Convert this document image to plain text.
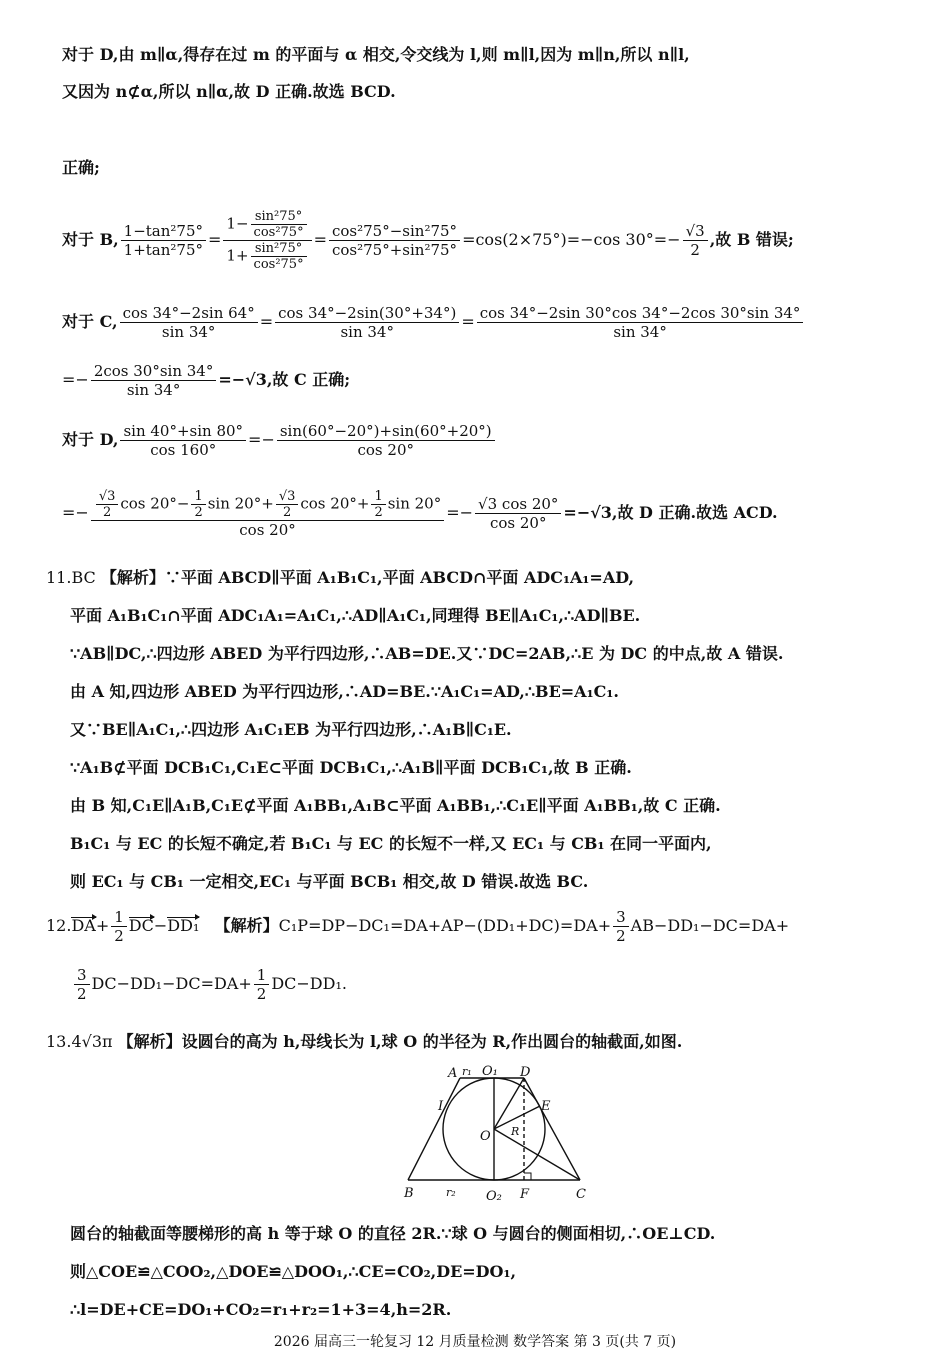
对于 D,由 m∥α,得存在过 m 的平面与 α 相交,令交线为 l,则 m∥l,因为 m∥n,所以 n∥l,
又因为 n⊄α,所以 n∥α,故 D 正确.故选 BCD.
正确;
对于 B, $\frac{\text{1−tan²75°}}{\text{1+tan²75°}} = \frac{1- \frac{\text{sin²75°}}{\text{cos²75°}}}{1+ \frac{\text{sin²75°}}{\text{cos²75°}}} = \frac{\text{cos²75°−sin²75°}}{\text{cos²75°+sin²75°}} =\cos(2\times 75^\circ)=-\cos$ $30^\circ=- \frac{√3}{2}$ ,故 B 错误;
对于 C, $\frac{\cos 34^\circ-2\sin 64^\circ}{\sin 34^\circ} = \frac{\cos 34^\circ-2\sin(30^\circ+34^\circ)}{\sin 34^\circ} = \frac{\cos 34^\circ-2\sin 30^\circ\cos 34^\circ-2\cos 30^\circ\sin 34^\circ}{\sin 34^\circ}$
=− $\frac{2\cos 30^\circ\sin 34^\circ}{\sin 34^\circ} =-√3$,故 C 正确;
对于 D, $\frac{\sin 40^\circ+\sin 80^\circ}{\cos 160^\circ} =- \frac{\sin(60^\circ-20^\circ)+\sin(60^\circ+20^\circ)}{\cos 20^\circ}$
=− $\frac{\frac{√3}{2} \cos 20^\circ- \frac{1}{2} \sin 20^\circ+ \frac{√3}{2} \cos 20^\circ+ \frac{1}{2} \sin 20^\circ}{\cos 20^\circ} =- \frac{√3 \cos 20^\circ}{\cos 20^\circ} =-√3$,故 D 正确.故选 ACD.
11.BC 【解析】∵平面 ABCD∥平面 A₁B₁C₁,平面 ABCD∩平面 ADC₁A₁=AD,
平面 A₁B₁C₁∩平面 ADC₁A₁=A₁C₁,∴AD∥A₁C₁,同理得 BE∥A₁C₁,∴AD∥BE.
∵AB∥DC,∴四边形 ABED 为平行四边形,∴AB=DE.又∵DC=2AB,∴E 为 DC 的中点,故 A 错误.
由 A 知,四边形 ABED 为平行四边形,∴AD=BE.∵A₁C₁=AD,∴BE=A₁C₁.
又∵BE∥A₁C₁,∴四边形 A₁C₁EB 为平行四边形,∴A₁B∥C₁E.
∵A₁B⊄平面 DCB₁C₁,C₁E⊂平面 DCB₁C₁,∴A₁B∥平面 DCB₁C₁,故 B 正确.
由 B 知,C₁E∥A₁B,C₁E⊄平面 A₁BB₁,A₁B⊂平面 A₁BB₁,∴C₁E∥平面 A₁BB₁,故 C 正确.
B₁C₁ 与 EC 的长短不确定,若 B₁C₁ 与 EC 的长短不一样,又 EC₁ 与 CB₁ 在同一平面内,
则 EC₁ 与 CB₁ 一定相交,EC₁ 与平面 BCB₁ 相交,故 D 错误.故选 BC.
$12.DA+ \frac{1}{2} DC-DD_1$ 【解析】$C_1P=DP-DC_1=DA+AP-(DD_1+DC)=DA+ \frac{3}{2} AB-DD_1-DC=DA+$
$\frac{3}{2} DC-DD_1-DC=DA+ \frac{1}{2} DC-DD_1$.
13.4√3π 【解析】设圆台的高为 h,母线长为 l,球 O 的半径为 R,作出圆台的轴截面,如图.
A r₁ O₁ D
E
I
O R
B	r₂ O₂ F	C
圆台的轴截面等腰梯形的高 h 等于球 O 的直径 2R.∵球 O 与圆台的侧面相切,∴OE⊥CD.
则△COE≌△COO₂,△DOE≌△DOO₁,∴CE=CO₂,DE=DO₁,
∴l=DE+CE=DO₁+CO₂=r₁+r₂=1+3=4,h=2R.
2026 届高三一轮复习 12 月质量检测 数学答案 第 3 页(共 7 页)
